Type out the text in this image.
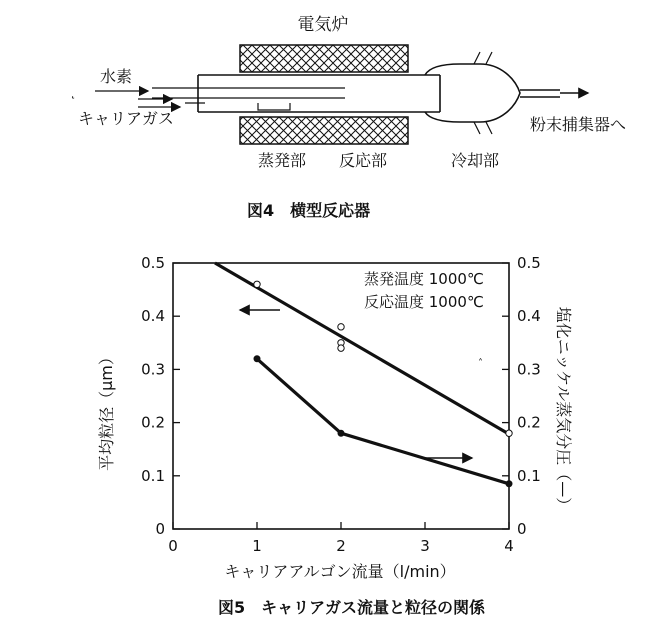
˛
電気炉
水素
キャリアガス	粉末捕集器へ
蒸発部 反応部	冷却部
図4　横型反応器
0	1	2	3	4
0	0
0.1	0.1
0.2	0.2
0.3	0.3
0.4	0.4
0.5	0.5
蒸発温度 1000℃
反応温度 1000℃
˄
キャリアアルゴン流量（l/min）
平均粒径（μm）	塩化ニッケル蒸気分圧（—）
図5　キャリアガス流量と粒径の関係
